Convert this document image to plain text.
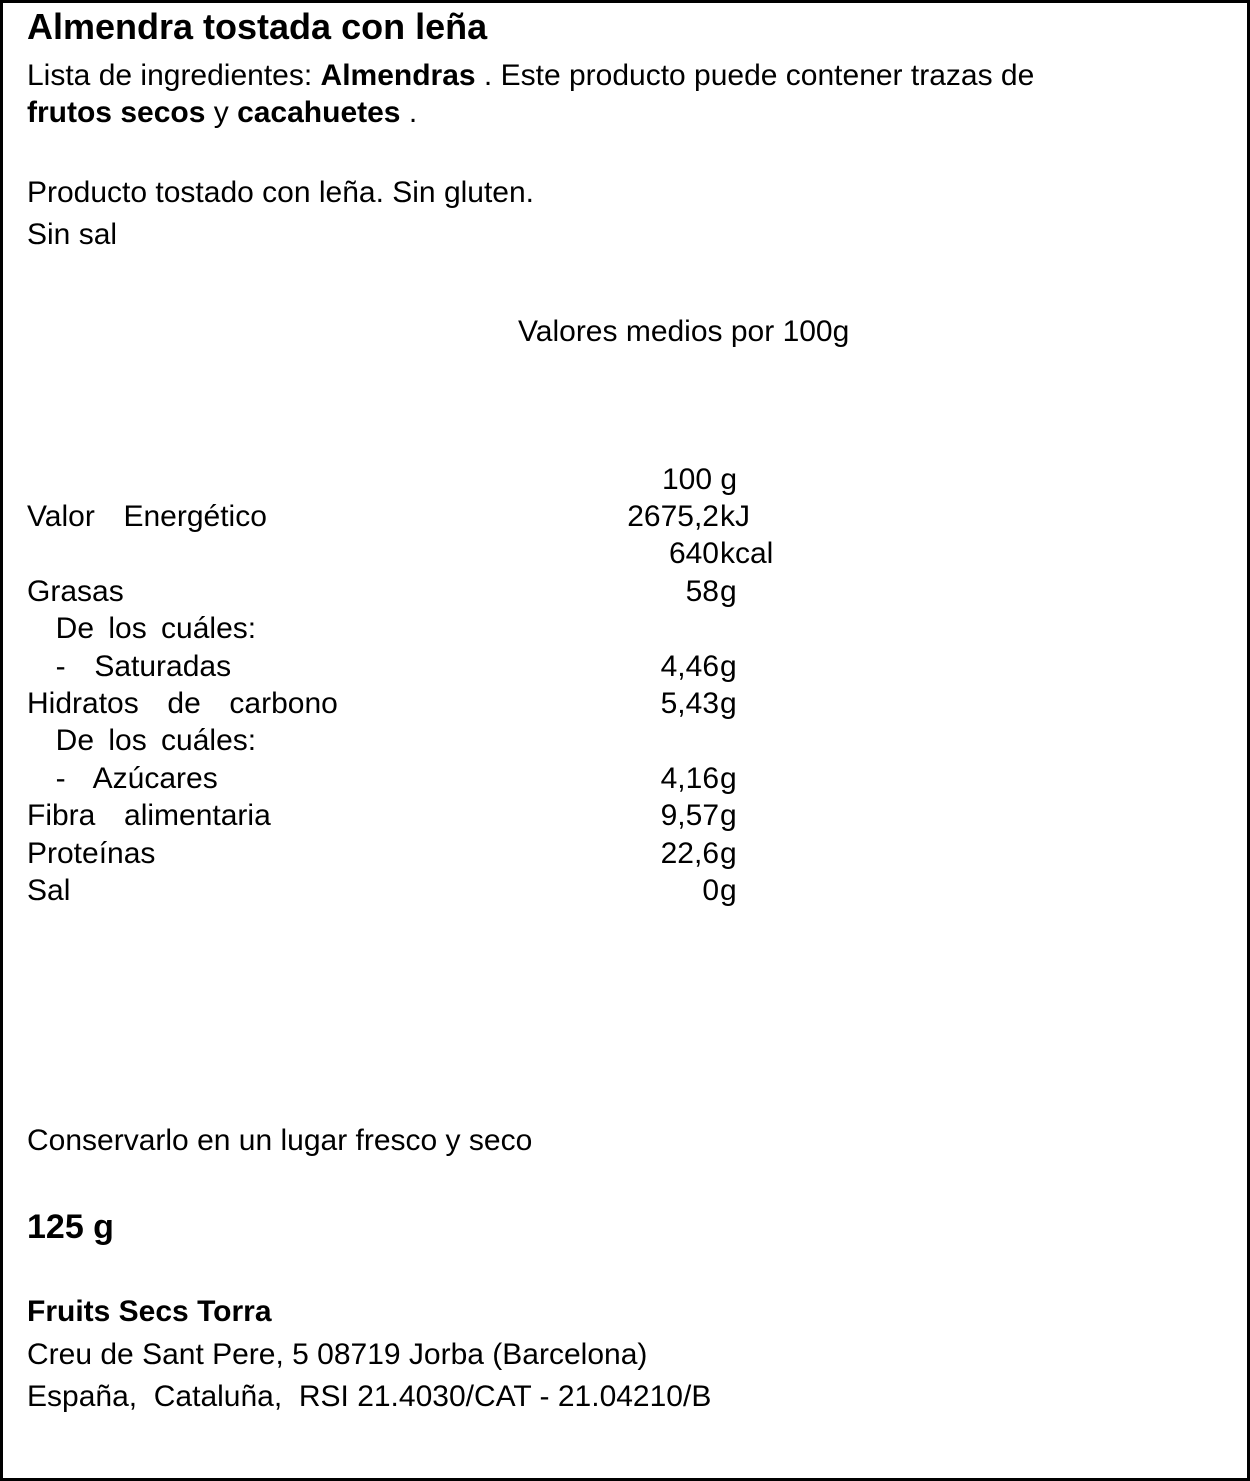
Almendra tostada con leña
Lista de ingredientes: Almendras . Este producto puede contener trazas de
frutos secos y cacahuetes .
Producto tostado con leña. Sin gluten.
Sin sal
Valores medios por 100g
100 g
Valor  Energético	2675,2 kJ
640 kcal
Grasas	58 g
De los cuáles:
-  Saturadas	4,46 g
Hidratos  de  carbono	5,43 g
De los cuáles:
-  Azúcares	4,16 g
Fibra  alimentaria	9,57 g
Proteínas	22,6 g
Sal	0 g
Conservarlo en un lugar fresco y seco
125 g
Fruits Secs Torra
Creu de Sant Pere, 5 08719 Jorba (Barcelona)
España,  Cataluña,  RSI 21.4030/CAT - 21.04210/B
